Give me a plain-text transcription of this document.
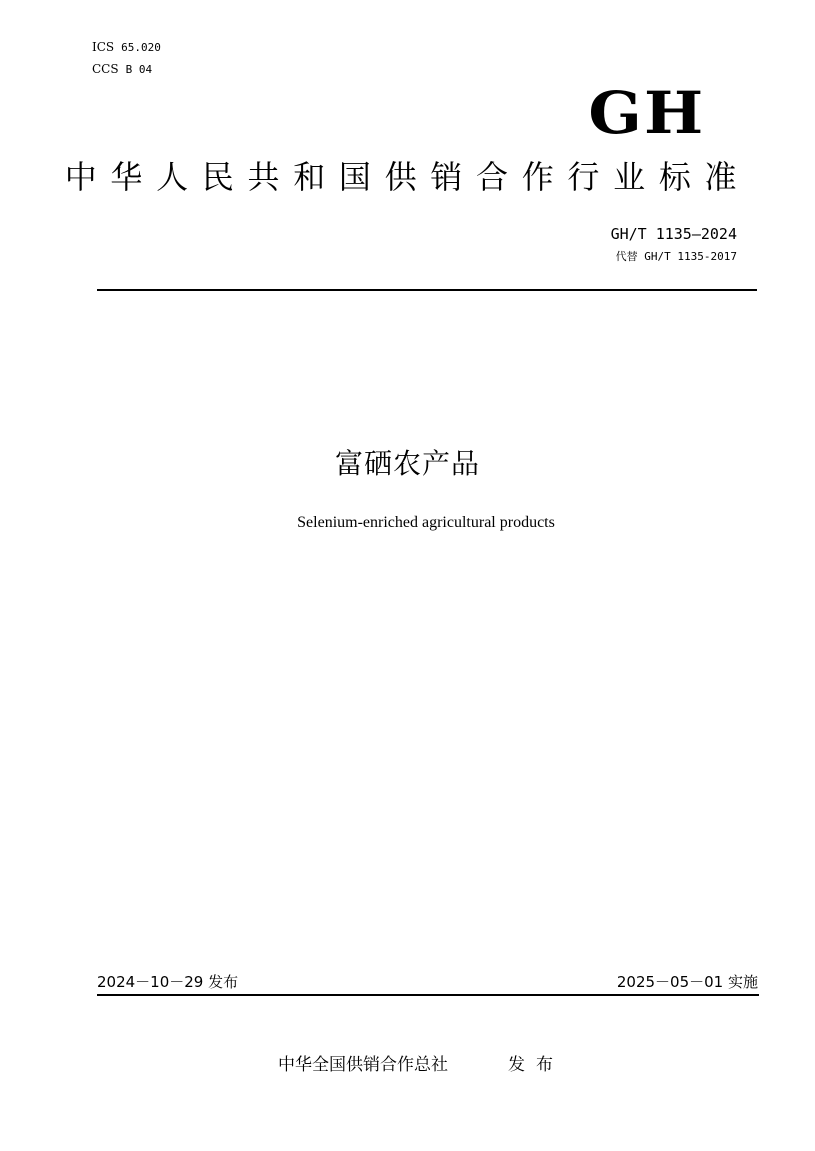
ICS 65.020
CCS B 04
GH
中华人民共和国供销合作行业标准
GH/T 1135—2024
代替 GH/T 1135-2017
富硒农产品
Selenium-enriched agricultural products
2024－10－29 发布	2025－05－01 实施
中华全国供销合作总社	发布
